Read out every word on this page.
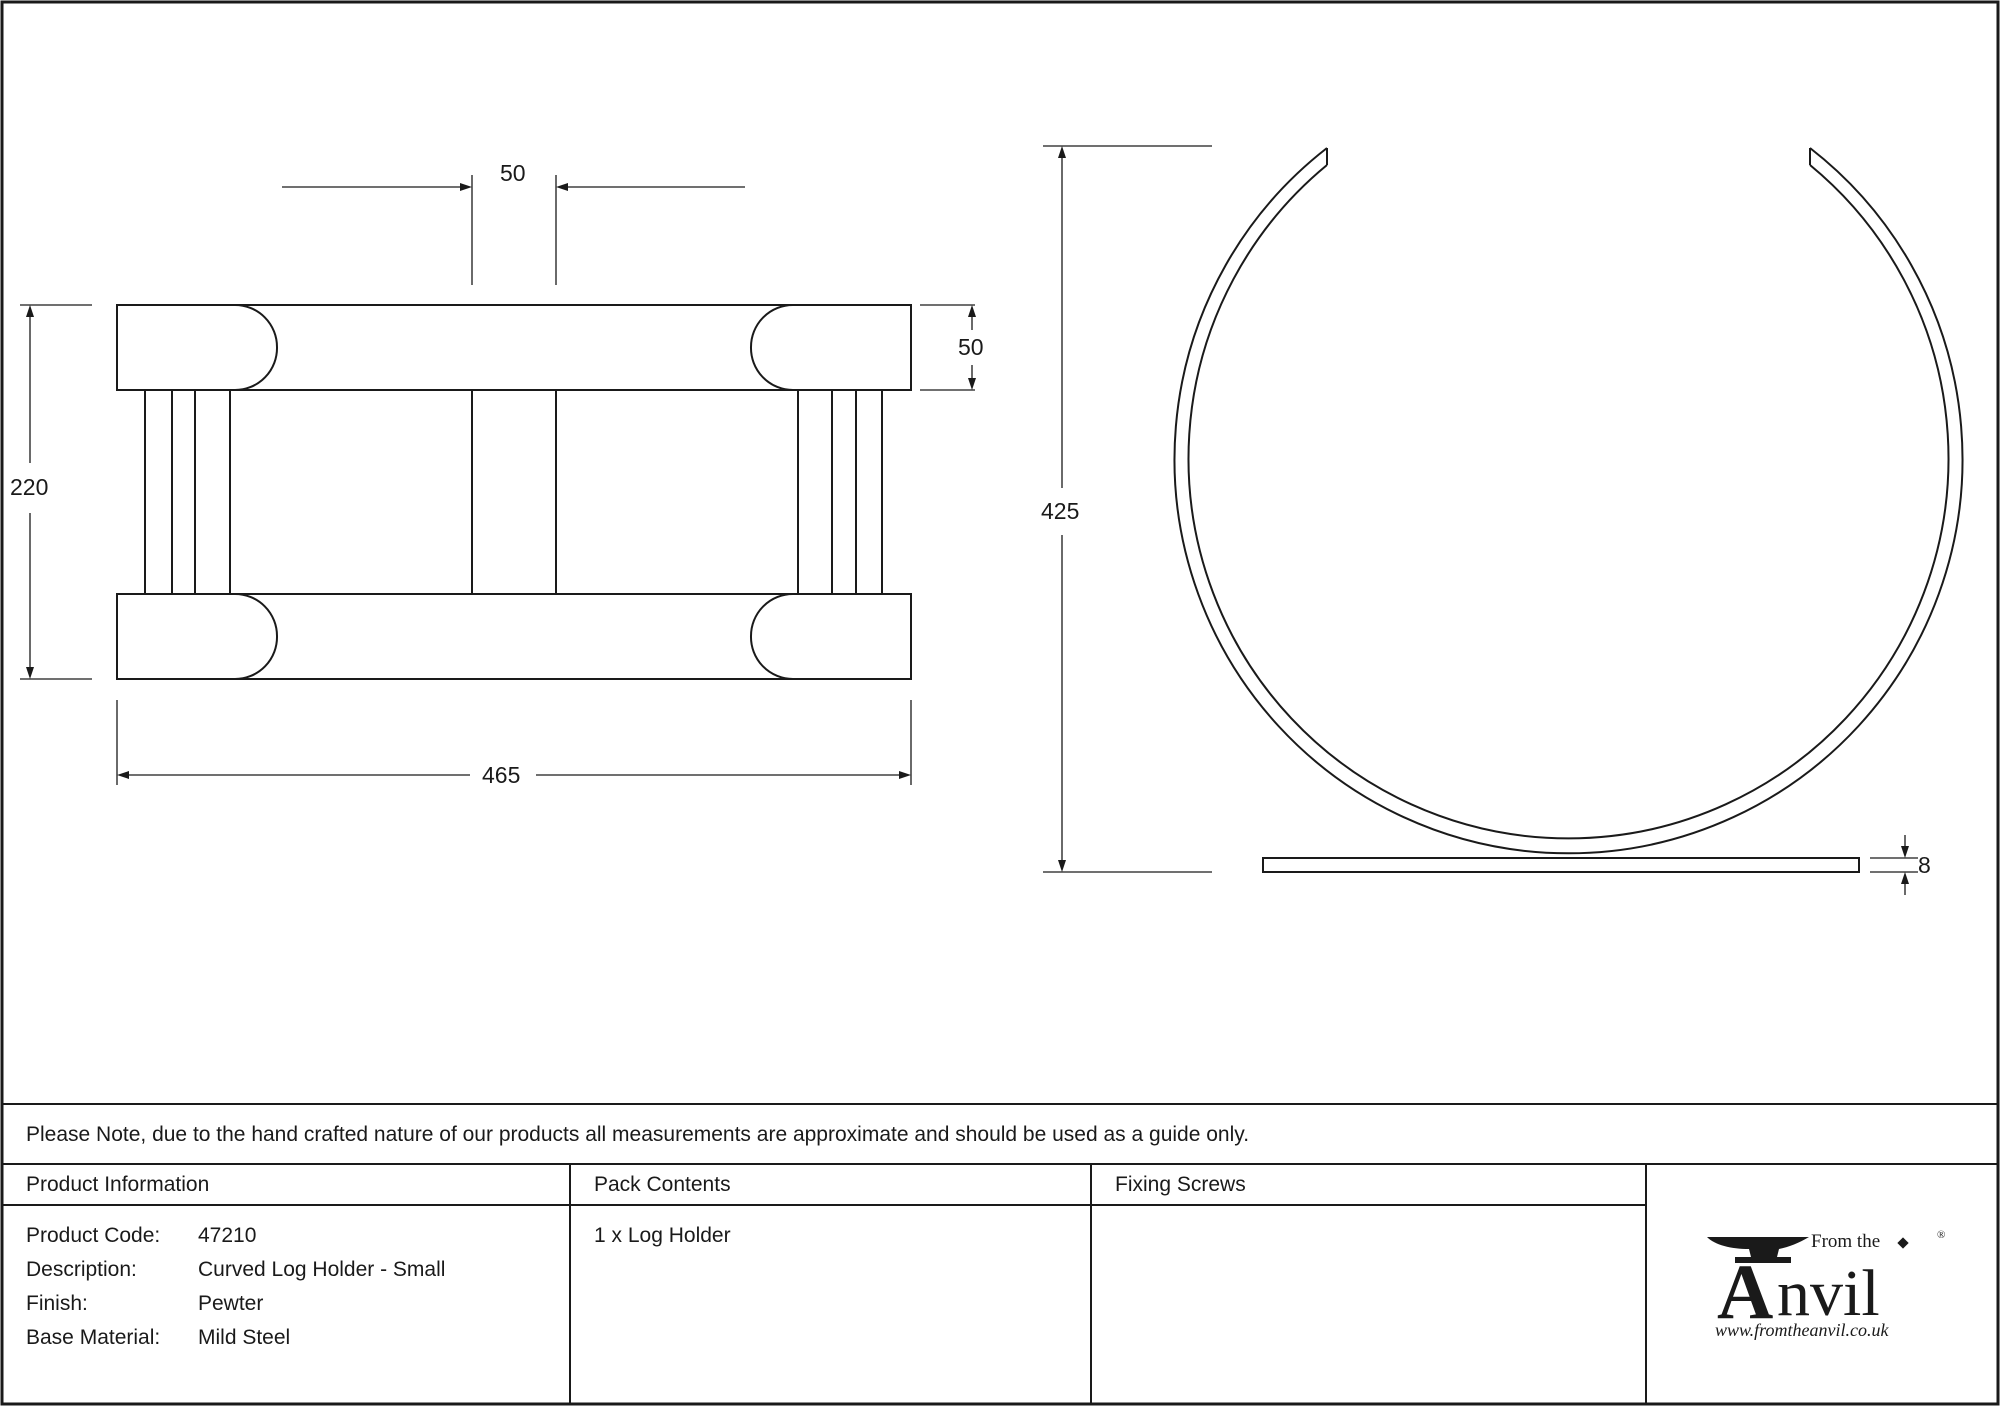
50
50
220
465
425
8
Please Note, due to the hand crafted nature of our products all measurements are approximate and should be used as a guide only.
Product Information	Pack Contents	Fixing Screws
Product Code: 47210
Description:	Curved Log Holder - Small
Finish:	Pewter
Base Material: Mild Steel
1 x Log Holder	From the	®
A nvil
www.fromtheanvil.co.uk
